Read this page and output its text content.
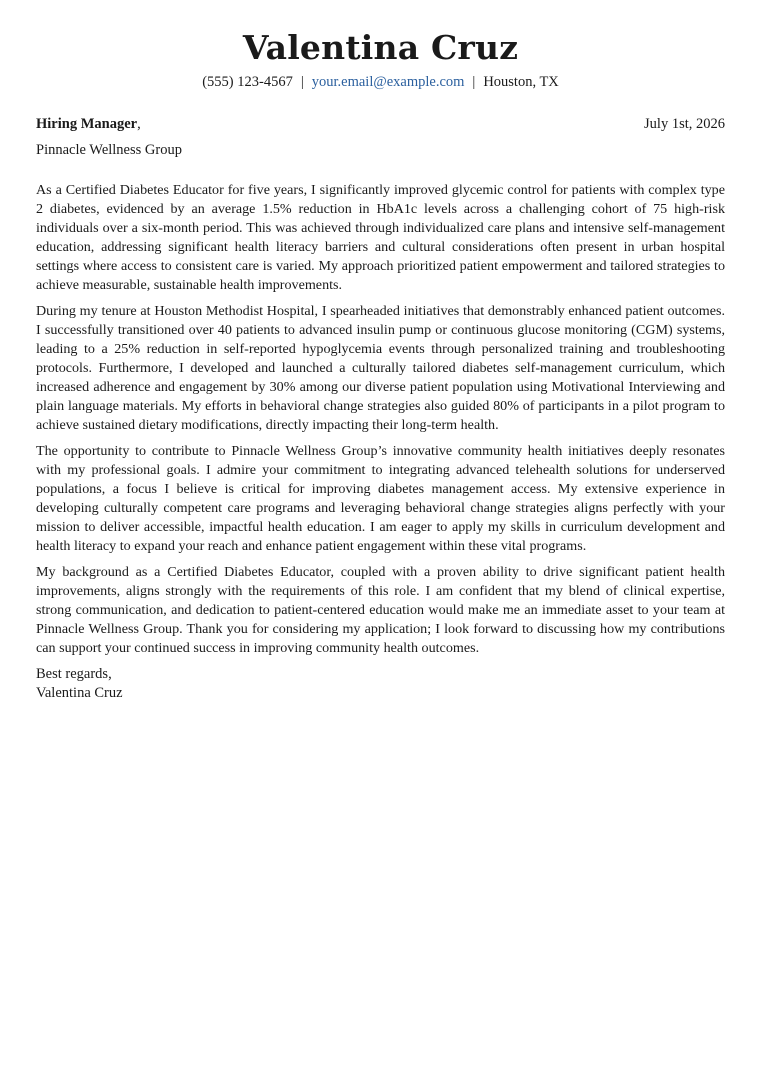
Valentina Cruz
(555) 123-4567 | your.email@example.com | Houston, TX
Hiring Manager,	July 1st, 2026
Pinnacle Wellness Group

As a Certified Diabetes Educator for five years, I significantly improved glycemic control for patients with complex type 2 diabetes, evidenced by an average 1.5% reduction in HbA1c levels across a challenging cohort of 75 high-risk individuals over a six-month period. This was achieved through individualized care plans and intensive self-management education, addressing significant health literacy barriers and cultural considerations often present in urban hospital settings where access to consistent care is varied. My approach prioritized patient empowerment and tailored strategies to achieve measurable, sustainable health improvements.

During my tenure at Houston Methodist Hospital, I spearheaded initiatives that demonstrably enhanced patient outcomes. I successfully transitioned over 40 patients to advanced insulin pump or continuous glucose monitoring (CGM) systems, leading to a 25% reduction in self-reported hypoglycemia events through personalized training and troubleshooting protocols. Furthermore, I developed and launched a culturally tailored diabetes self-management curriculum, which increased adherence and engagement by 30% among our diverse patient population using Motivational Interviewing and plain language materials. My efforts in behavioral change strategies also guided 80% of participants in a pilot program to achieve sustained dietary modifications, directly impacting their long-term health.

The opportunity to contribute to Pinnacle Wellness Group’s innovative community health initiatives deeply resonates with my professional goals. I admire your commitment to integrating advanced telehealth solutions for underserved populations, a focus I believe is critical for improving diabetes management access. My extensive experience in developing culturally competent care programs and leveraging behavioral change strategies aligns perfectly with your mission to deliver accessible, impactful health education. I am eager to apply my skills in curriculum development and health literacy to expand your reach and enhance patient engagement within these vital programs.

My background as a Certified Diabetes Educator, coupled with a proven ability to drive significant patient health improvements, aligns strongly with the requirements of this role. I am confident that my blend of clinical expertise, strong communication, and dedication to patient-centered education would make me an immediate asset to your team at Pinnacle Wellness Group. Thank you for considering my application; I look forward to discussing how my contributions can support your continued success in improving community health outcomes.

Best regards,
Valentina Cruz
